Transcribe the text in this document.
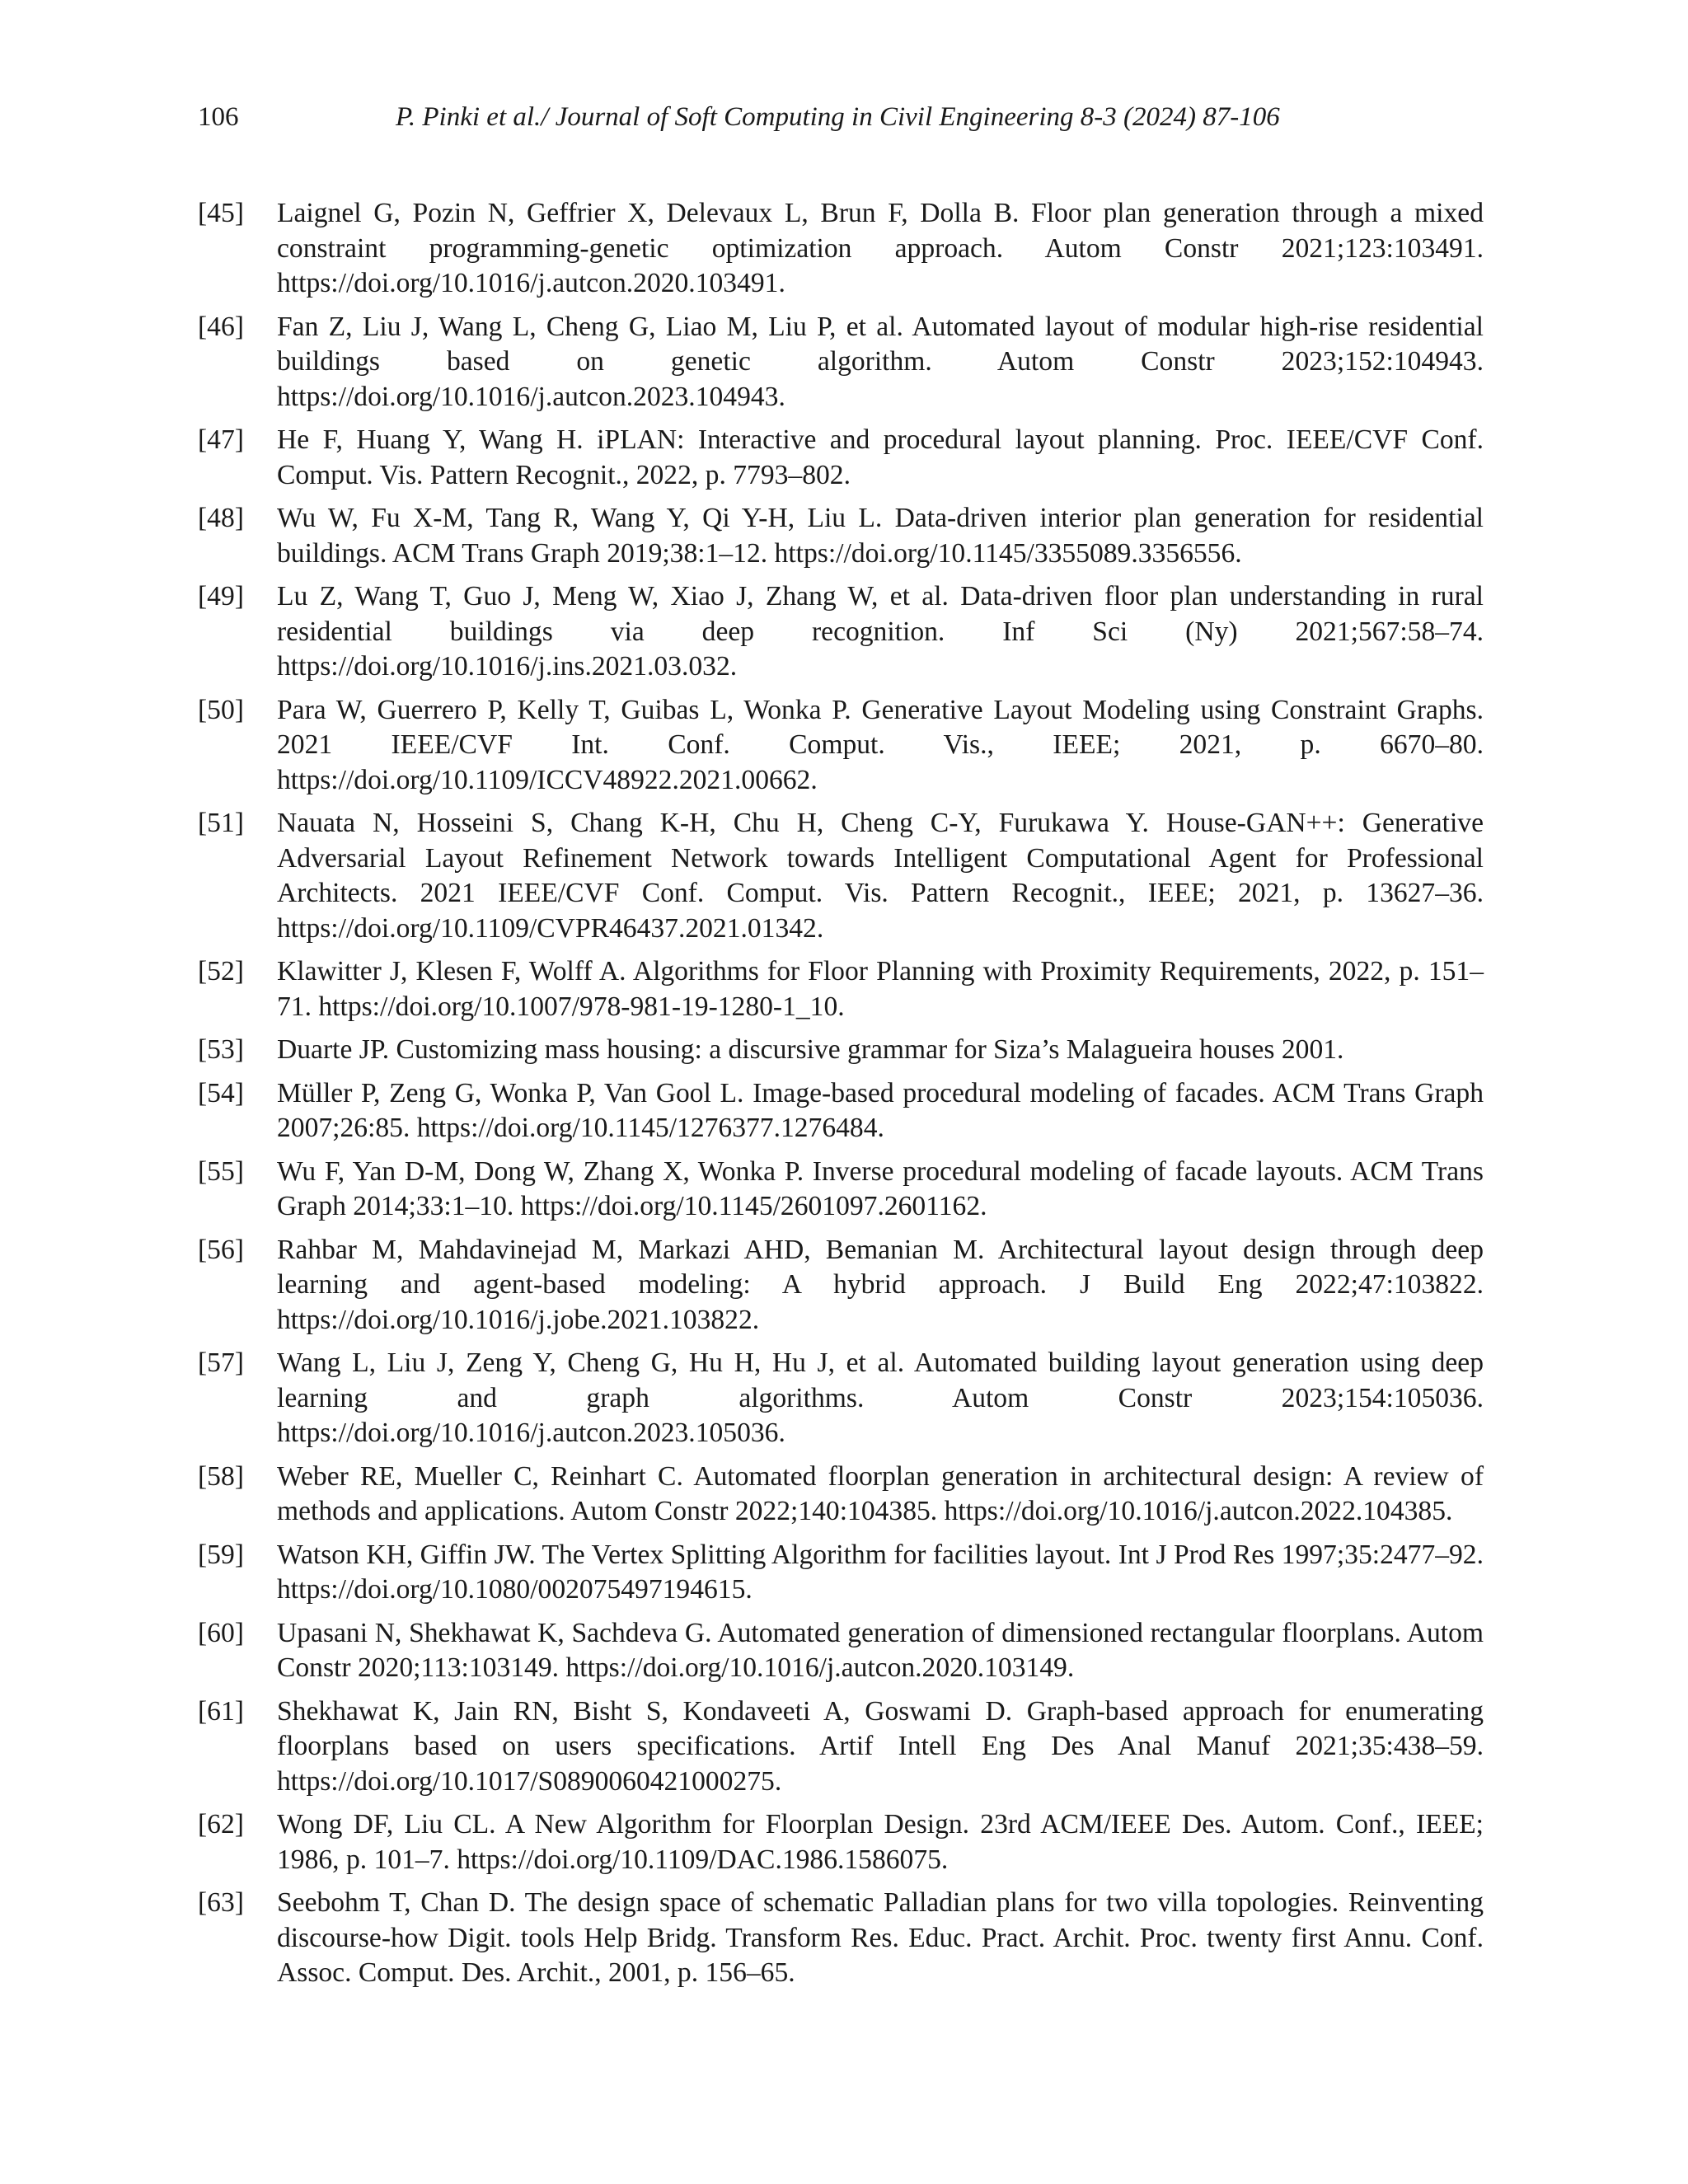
106	P. Pinki et al./ Journal of Soft Computing in Civil Engineering 8-3 (2024) 87-106
[45] Laignel G, Pozin N, Geffrier X, Delevaux L, Brun F, Dolla B. Floor plan generation through a mixed constraint programming-genetic optimization approach. Autom Constr 2021;123:103491. https://doi.org/10.1016/j.autcon.2020.103491.
[46] Fan Z, Liu J, Wang L, Cheng G, Liao M, Liu P, et al. Automated layout of modular high-rise residential buildings based on genetic algorithm. Autom Constr 2023;152:104943. https://doi.org/10.1016/j.autcon.2023.104943.
[47] He F, Huang Y, Wang H. iPLAN: Interactive and procedural layout planning. Proc. IEEE/CVF Conf. Comput. Vis. Pattern Recognit., 2022, p. 7793–802.
[48] Wu W, Fu X-M, Tang R, Wang Y, Qi Y-H, Liu L. Data-driven interior plan generation for residential buildings. ACM Trans Graph 2019;38:1–12. https://doi.org/10.1145/3355089.3356556.
[49] Lu Z, Wang T, Guo J, Meng W, Xiao J, Zhang W, et al. Data-driven floor plan understanding in rural residential buildings via deep recognition. Inf Sci (Ny) 2021;567:58–74. https://doi.org/10.1016/j.ins.2021.03.032.
[50] Para W, Guerrero P, Kelly T, Guibas L, Wonka P. Generative Layout Modeling using Constraint Graphs. 2021 IEEE/CVF Int. Conf. Comput. Vis., IEEE; 2021, p. 6670–80. https://doi.org/10.1109/ICCV48922.2021.00662.
[51] Nauata N, Hosseini S, Chang K-H, Chu H, Cheng C-Y, Furukawa Y. House-GAN++: Generative Adversarial Layout Refinement Network towards Intelligent Computational Agent for Professional Architects. 2021 IEEE/CVF Conf. Comput. Vis. Pattern Recognit., IEEE; 2021, p. 13627–36. https://doi.org/10.1109/CVPR46437.2021.01342.
[52] Klawitter J, Klesen F, Wolff A. Algorithms for Floor Planning with Proximity Requirements, 2022, p. 151–71. https://doi.org/10.1007/978-981-19-1280-1_10.
[53] Duarte JP. Customizing mass housing: a discursive grammar for Siza’s Malagueira houses 2001.
[54] Müller P, Zeng G, Wonka P, Van Gool L. Image-based procedural modeling of facades. ACM Trans Graph 2007;26:85. https://doi.org/10.1145/1276377.1276484.
[55] Wu F, Yan D-M, Dong W, Zhang X, Wonka P. Inverse procedural modeling of facade layouts. ACM Trans Graph 2014;33:1–10. https://doi.org/10.1145/2601097.2601162.
[56] Rahbar M, Mahdavinejad M, Markazi AHD, Bemanian M. Architectural layout design through deep learning and agent-based modeling: A hybrid approach. J Build Eng 2022;47:103822. https://doi.org/10.1016/j.jobe.2021.103822.
[57] Wang L, Liu J, Zeng Y, Cheng G, Hu H, Hu J, et al. Automated building layout generation using deep learning and graph algorithms. Autom Constr 2023;154:105036. https://doi.org/10.1016/j.autcon.2023.105036.
[58] Weber RE, Mueller C, Reinhart C. Automated floorplan generation in architectural design: A review of methods and applications. Autom Constr 2022;140:104385. https://doi.org/10.1016/j.autcon.2022.104385.
[59] Watson KH, Giffin JW. The Vertex Splitting Algorithm for facilities layout. Int J Prod Res 1997;35:2477–92. https://doi.org/10.1080/002075497194615.
[60] Upasani N, Shekhawat K, Sachdeva G. Automated generation of dimensioned rectangular floorplans. Autom Constr 2020;113:103149. https://doi.org/10.1016/j.autcon.2020.103149.
[61] Shekhawat K, Jain RN, Bisht S, Kondaveeti A, Goswami D. Graph-based approach for enumerating floorplans based on users specifications. Artif Intell Eng Des Anal Manuf 2021;35:438–59. https://doi.org/10.1017/S0890060421000275.
[62] Wong DF, Liu CL. A New Algorithm for Floorplan Design. 23rd ACM/IEEE Des. Autom. Conf., IEEE; 1986, p. 101–7. https://doi.org/10.1109/DAC.1986.1586075.
[63] Seebohm T, Chan D. The design space of schematic Palladian plans for two villa topologies. Reinventing discourse-how Digit. tools Help Bridg. Transform Res. Educ. Pract. Archit. Proc. twenty first Annu. Conf. Assoc. Comput. Des. Archit., 2001, p. 156–65.
